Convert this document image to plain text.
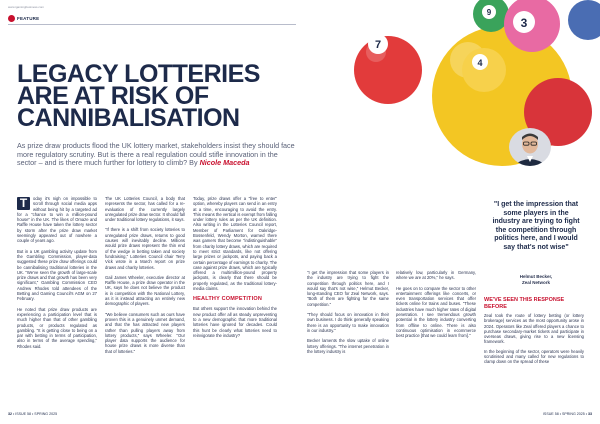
www.igamingbusiness.com
FEATURE
7
4
9
3
LEGACY LOTTERIES
ARE AT RISK OF
CANNIBALISATION
As prize draw products flood the UK lottery market, stakeholders insist they should face more regulatory scrutiny. But is there a real regulation could stifle innovation in the sector – and is there much further for lottery to climb? By Nicole Maceda

T	oday it's nigh on impossible to scroll through social media apps without being hit by a targeted ad for a "chance to win a million-pound house" in the UK. The likes of Omaze and Raffle House have taken the lottery sector by storm after the prize draw market seemingly appeared out of nowhere a couple of years ago.

But in a UK gambling activity update from the Gambling Commission, player-data suggested these prize draw offerings could be cannibalising traditional lotteries in the UK. "We've seen the growth of large-scale prize draws and that growth has been very significant," Gambling Commission CEO Andrew Rhodes told attendees of the Betting and Gaming Council's AGM on 27 February.

He noted that prize draw products are experiencing a participation level that is much higher than that of other gambling products, or products regulated as gambling. "It is getting close to being on a par with betting in terms of participation, also in terms of the average spending," Rhodes said.

The UK Lotteries Council, a body that represents the sector, has called for a re-evaluation of the currently largely unregulated prize draw sector. It should fall under traditional lottery regulations, it says.

"If there is a shift from society lotteries to unregulated prize draws, returns to good causes will inevitably decline. Millions would prize draws represent the thin end of the wedge in betting taken and society fundraising," Lotteries Council chair Terry Vick wrote in a March report on prize draws and charity lotteries.

Gail James Wheeler, executive director at Raffle House, a prize draw operator in the UK, says he does not believe the product is in competition with the National Lottery, as it is instead attracting an entirely new demographic of players.

"We believe consumers such as ours have proven this is a genuinely unmet demand, and that the has attracted new players rather than pulling players away from lottery products," says Wheeler. "Our player data supports the audience for house prize draws is more diverse than that of lotteries."

Today, prize draws offer a "free to enter" option, whereby players can send in an entry at a time, encouraging to avoid the entry. This means the vertical is exempt from falling under lottery rules as per the UK definition. Also writing in the Lotteries Council report, Member of Parliament for Oakridge-Bossenfeld, Wendy Morton, warned there was gamers that become "indistinguishable" from charity lottery draws, which are required to meet strict standards, like not offering large prizes or jackpots, and paying back a certain percentage of earnings to charity. The case against prize draws, which are typically offered a multimillion-pound property jackpots, is clearly that there should be properly regulated, as the traditional lottery-media claims.

HEALTHY COMPETITION

But others support the innovation behind the new product offer all as steady unpreventing to a new demographic that more traditional lotteries have ignored for decades. Could this hunt be clearly what lotteries need to reinvigorate the industry?

"I get the impression that some players in the industry are trying to fight the competition through politics here, and I would say that's not wise," Helmut Becker, long-standing CEO for Zeal Network, says. "Both of them are fighting for the same competition."

"They should focus on innovation in their own business. I do think generally speaking there is an opportunity to make innovation in our industry."

Becker laments the slow uptake of online lottery offerings. "The internet penetration in the lottery industry is

relatively low, particularly in Germany, where we are at 20%," he says.

He goes on to compare the sector to other entertainment offerings like concerts, or even transportation services that offer tickets online for trains and buses. "These industries have much higher rates of digital penetration. I see tremendous growth potential in the lottery industry converting from offline to online. There is also continuous optimisation in ecommerce best practice [that we could learn from]."

"I get the impression that some players in the industry are trying to fight the competition through politics here, and I would say that's not wise"
Helmut Becker,
Zeal Network
WE'VE SEEN THIS RESPONSE BEFORE

Zeal took the route of lottery betting (or lottery brokerage) services as the most opportunity arose in 2024. Operators like Zeal offered players a chance to purchase secondary-market tickets and participate in overseas draws, giving rise to a new licensing framework.

In the beginning of the sector, operators were heavily scrutinised and many called for new regulations to clamp down on the spread of these

32 • ISSUE 58 • SPRING 2025	ISSUE 58 • SPRING 2025 • 33
